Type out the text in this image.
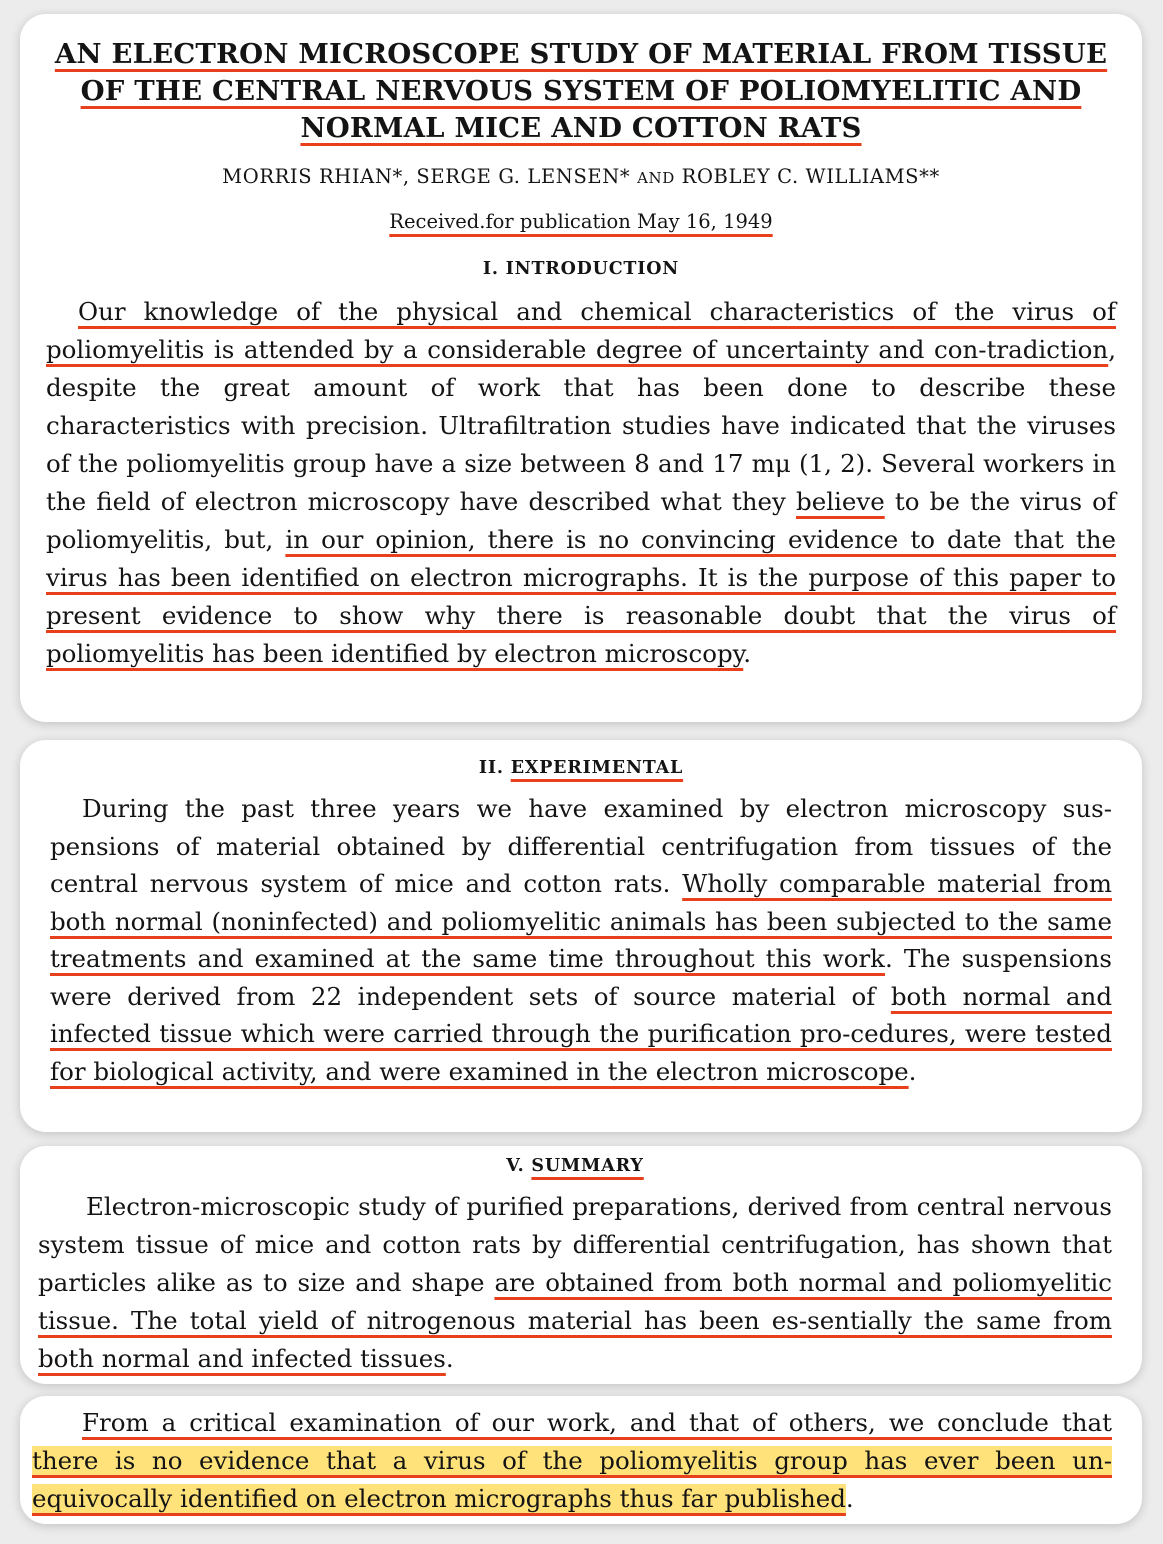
AN ELECTRON MICROSCOPE STUDY OF MATERIAL FROM TISSUE
OF THE CENTRAL NERVOUS SYSTEM OF POLIOMYELITIC AND
NORMAL MICE AND COTTON RATS

MORRIS RHIAN*, SERGE G. LENSEN* AND ROBLEY C. WILLIAMS**

Received.for publication May 16, 1949

I. INTRODUCTION

Our knowledge of the physical and chemical characteristics of the virus of poliomyelitis is attended by a considerable degree of uncertainty and con-tradiction, despite the great amount of work that has been done to describe these characteristics with precision. Ultrafiltration studies have indicated that the viruses of the poliomyelitis group have a size between 8 and 17 mμ (1, 2). Several workers in the field of electron microscopy have described what they believe to be the virus of poliomyelitis, but, in our opinion, there is no convincing evidence to date that the virus has been identified on electron micrographs. It is the purpose of this paper to present evidence to show why there is reasonable doubt that the virus of poliomyelitis has been identified by electron microscopy.

II. EXPERIMENTAL

During the past three years we have examined by electron microscopy sus-pensions of material obtained by differential centrifugation from tissues of the central nervous system of mice and cotton rats. Wholly comparable material from both normal (noninfected) and poliomyelitic animals has been subjected to the same treatments and examined at the same time throughout this work. The suspensions were derived from 22 independent sets of source material of both normal and infected tissue which were carried through the purification pro-cedures, were tested for biological activity, and were examined in the electron microscope.

V. SUMMARY

Electron-microscopic study of purified preparations, derived from central nervous system tissue of mice and cotton rats by differential centrifugation, has shown that particles alike as to size and shape are obtained from both normal and poliomyelitic tissue. The total yield of nitrogenous material has been es-sentially the same from both normal and infected tissues.

From a critical examination of our work, and that of others, we conclude that there is no evidence that a virus of the poliomyelitis group has ever been un-equivocally identified on electron micrographs thus far published.
